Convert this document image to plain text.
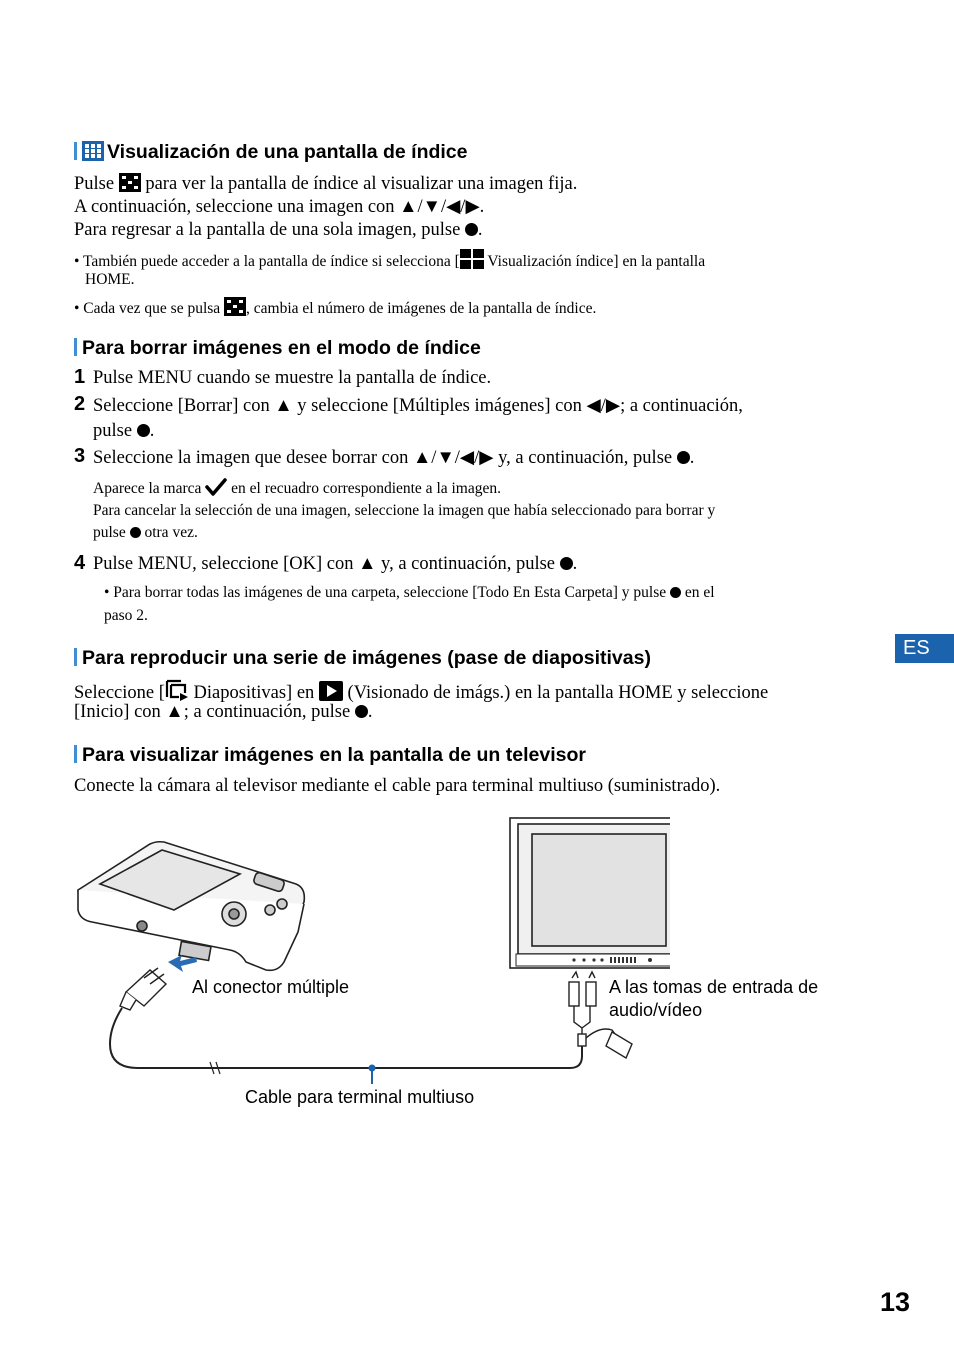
Visualización de una pantalla de índice
Pulse  para ver la pantalla de índice al visualizar una imagen fija.
A continuación, seleccione una imagen con ▲/▼/◀/▶.
Para regresar a la pantalla de una sola imagen, pulse .
• También puede acceder a la pantalla de índice si selecciona [ Visualización índice] en la pantalla
HOME.
• Cada vez que se pulsa , cambia el número de imágenes de la pantalla de índice.
Para borrar imágenes en el modo de índice
1 Pulse MENU cuando se muestre la pantalla de índice.
2 Seleccione [Borrar] con ▲ y seleccione [Múltiples imágenes] con ◀/▶; a continuación,
pulse .
3 Seleccione la imagen que desee borrar con ▲/▼/◀/▶ y, a continuación, pulse .
Aparece la marca  en el recuadro correspondiente a la imagen.
Para cancelar la selección de una imagen, seleccione la imagen que había seleccionado para borrar y
pulse  otra vez.
4 Pulse MENU, seleccione [OK] con ▲ y, a continuación, pulse .
• Para borrar todas las imágenes de una carpeta, seleccione [Todo En Esta Carpeta] y pulse  en el
paso 2.
Para reproducir una serie de imágenes (pase de diapositivas)
Seleccione [ Diapositivas] en  (Visionado de imágs.) en la pantalla HOME y seleccione
[Inicio] con ▲; a continuación, pulse .
Para visualizar imágenes en la pantalla de un televisor
Conecte la cámara al televisor mediante el cable para terminal multiuso (suministrado).
Al conector múltiple	A las tomas de entrada de
audio/vídeo
Cable para terminal multiuso
ES
13
